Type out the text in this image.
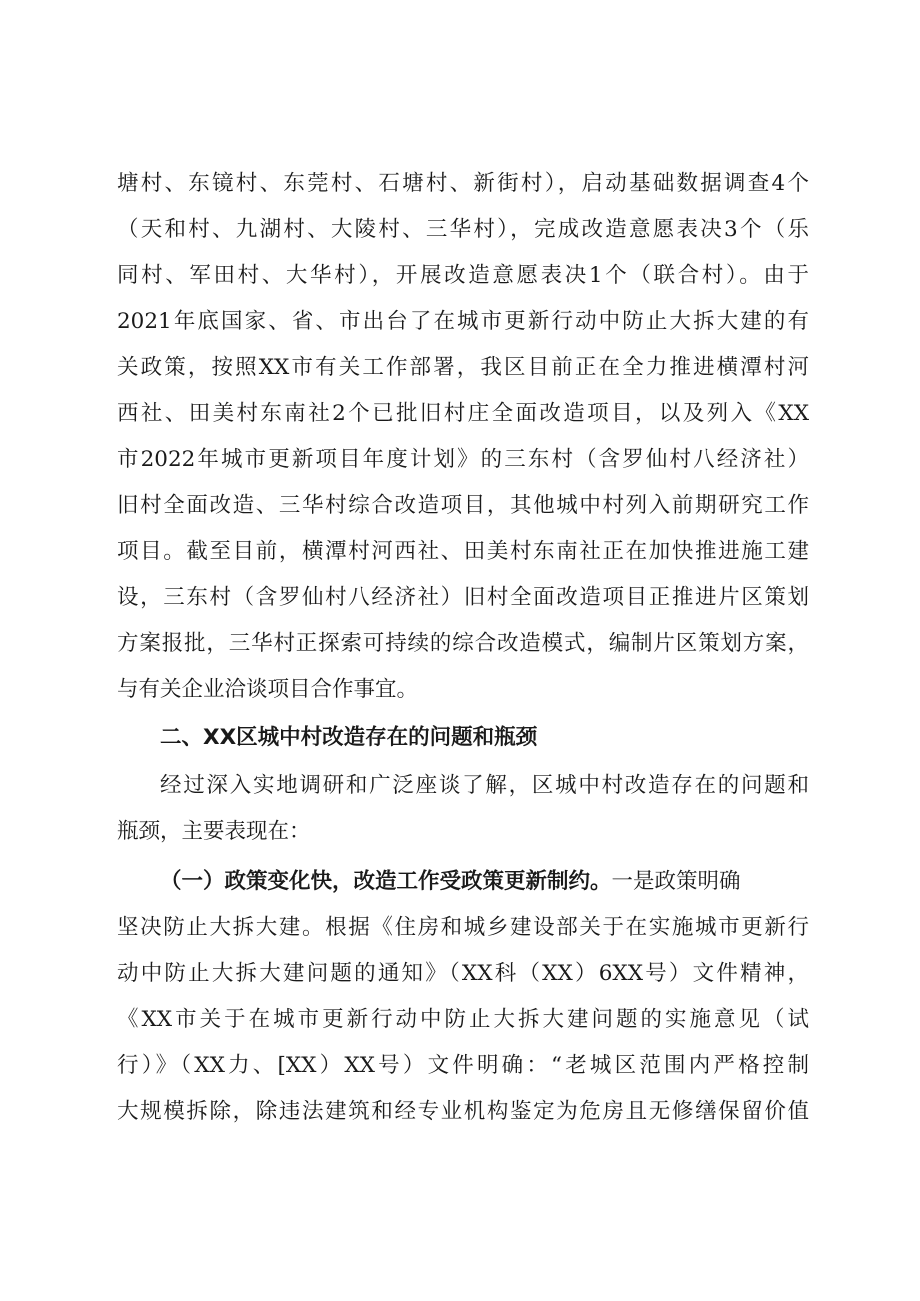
塘村、东镜村、东莞村、石塘村、新街村），启动基础数据调查4个
（天和村、九湖村、大陵村、三华村），完成改造意愿表决3个（乐
同村、军田村、大华村），开展改造意愿表决1个（联合村）。由于
2021年底国家、省、市出台了在城市更新行动中防止大拆大建的有
关政策，按照XX市有关工作部署，我区目前正在全力推进横潭村河
西社、田美村东南社2个已批旧村庄全面改造项目，以及列入《XX
市2022年城市更新项目年度计划》的三东村（含罗仙村八经济社）
旧村全面改造、三华村综合改造项目，其他城中村列入前期研究工作
项目。截至目前，横潭村河西社、田美村东南社正在加快推进施工建
设，三东村（含罗仙村八经济社）旧村全面改造项目正推进片区策划
方案报批，三华村正探索可持续的综合改造模式，编制片区策划方案，
与有关企业洽谈项目合作事宜。
二、XX区城中村改造存在的问题和瓶颈
经过深入实地调研和广泛座谈了解，区城中村改造存在的问题和
瓶颈，主要表现在：
（一）政策变化快，改造工作受政策更新制约。一是政策明确
坚决防止大拆大建。根据《住房和城乡建设部关于在实施城市更新行
动中防止大拆大建问题的通知》（XX科（XX）6XX号）文件精神，
《XX市关于在城市更新行动中防止大拆大建问题的实施意见（试
行）》（XX力、[XX）XX号）文件明确：“老城区范围内严格控制
大规模拆除，除违法建筑和经专业机构鉴定为危房且无修缮保留价值
